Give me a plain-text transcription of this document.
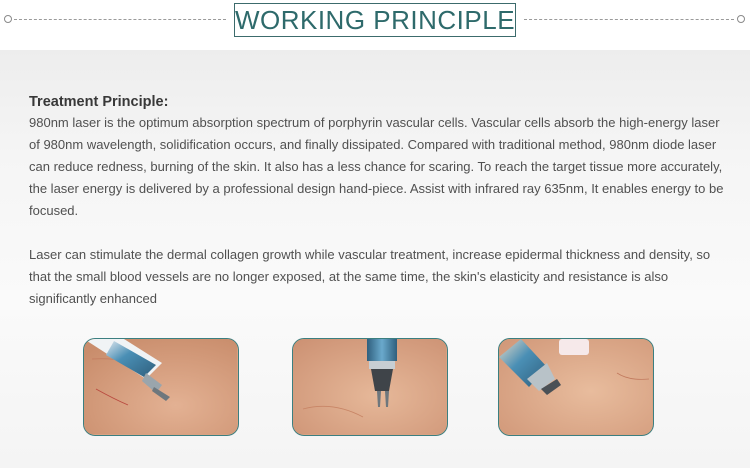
WORKING PRINCIPLE
Treatment Principle:

980nm laser is the optimum absorption spectrum of porphyrin vascular cells. Vascular cells absorb the high-energy laser of 980nm wavelength, solidification occurs, and finally dissipated. Compared with traditional method, 980nm diode laser can reduce redness, burning of the skin. It also has a less chance for scaring. To reach the target tissue more accurately, the laser energy is delivered by a professional design hand-piece. Assist with infrared ray 635nm, It enables energy to be focused.

Laser can stimulate the dermal collagen growth while vascular treatment, increase epidermal thickness and density, so that the small blood vessels are no longer exposed, at the same time, the skin's elasticity and resistance is also significantly enhanced
